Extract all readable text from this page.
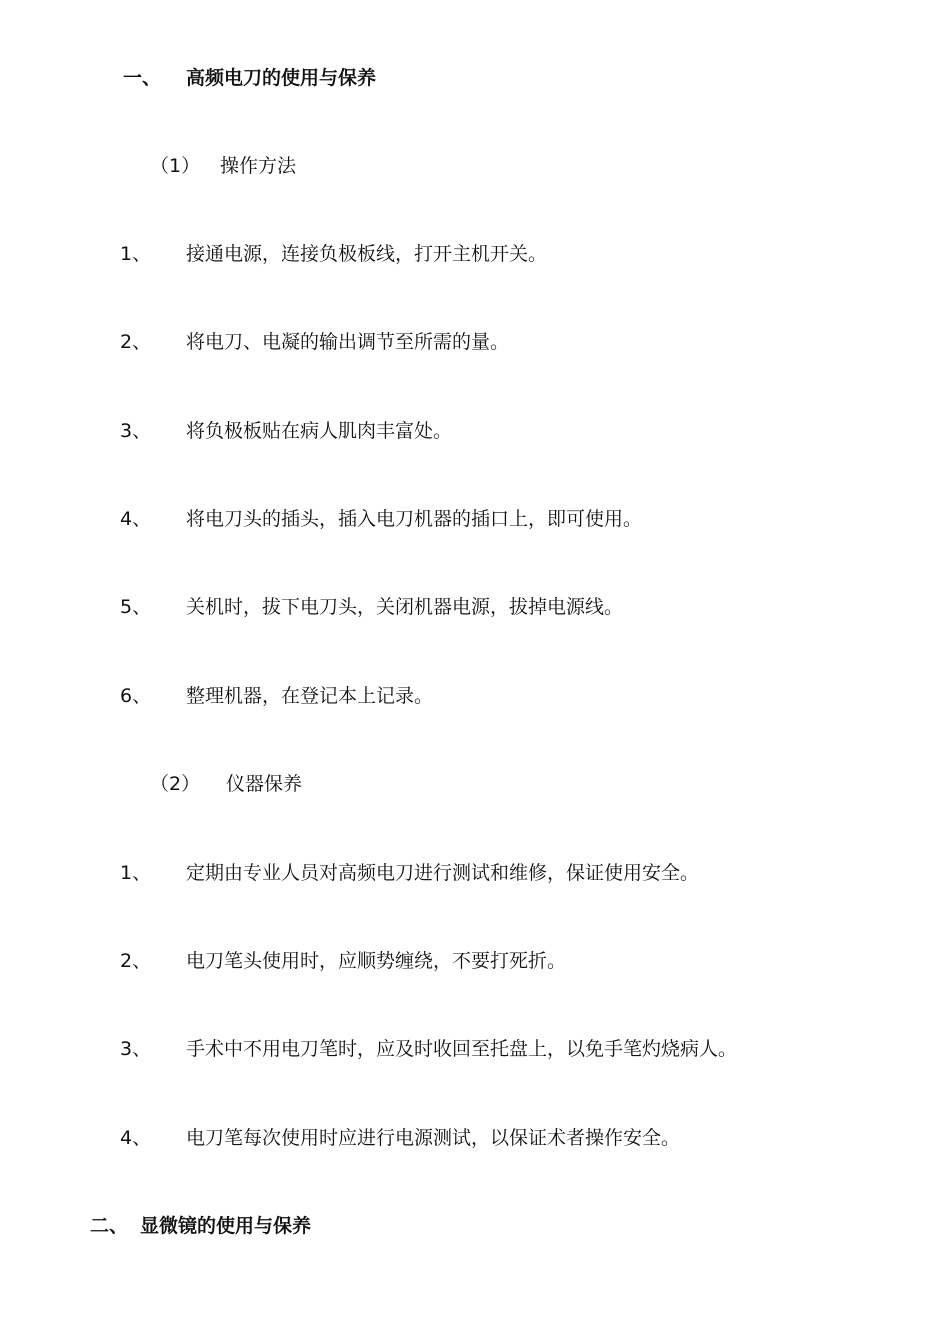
一、 高频电刀的使用与保养
（1） 操作方法
1、 接通电源，连接负极板线，打开主机开关。
2、 将电刀、电凝的输出调节至所需的量。
3、 将负极板贴在病人肌肉丰富处。
4、 将电刀头的插头，插入电刀机器的插口上，即可使用。
5、 关机时，拔下电刀头，关闭机器电源，拔掉电源线。
6、 整理机器，在登记本上记录。
（2） 仪器保养
1、 定期由专业人员对高频电刀进行测试和维修，保证使用安全。
2、 电刀笔头使用时，应顺势缠绕，不要打死折。
3、 手术中不用电刀笔时，应及时收回至托盘上，以免手笔灼烧病人。
4、 电刀笔每次使用时应进行电源测试，以保证术者操作安全。
二、 显微镜的使用与保养
